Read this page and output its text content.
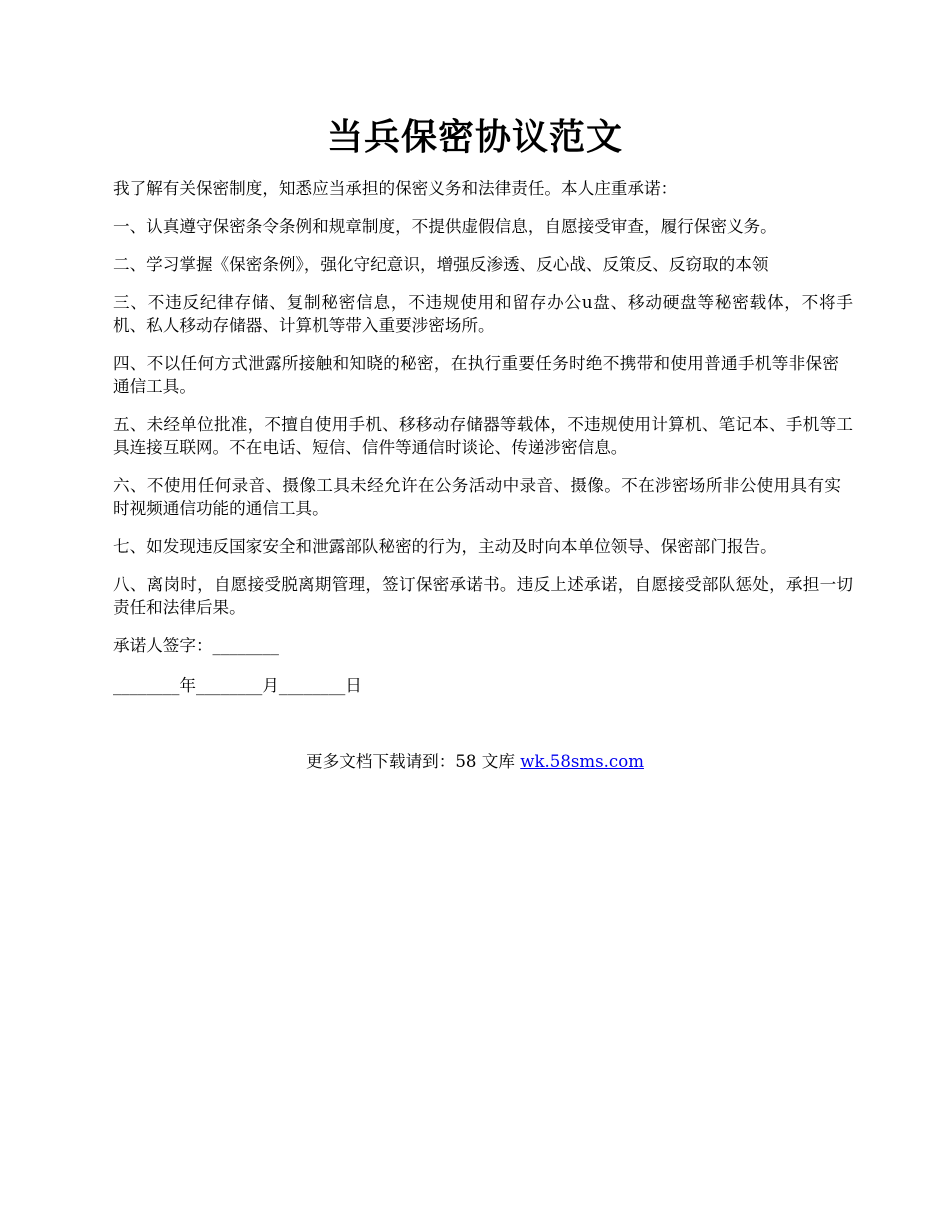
当兵保密协议范文

我了解有关保密制度，知悉应当承担的保密义务和法律责任。本人庄重承诺：

一、认真遵守保密条令条例和规章制度，不提供虚假信息，自愿接受审查，履行保密义务。

二、学习掌握《保密条例》，强化守纪意识，增强反渗透、反心战、反策反、反窃取的本领

三、不违反纪律存储、复制秘密信息，不违规使用和留存办公u盘、移动硬盘等秘密载体，不将手机、私人移动存储器、计算机等带入重要涉密场所。

四、不以任何方式泄露所接触和知晓的秘密，在执行重要任务时绝不携带和使用普通手机等非保密通信工具。

五、未经单位批准，不擅自使用手机、移移动存储器等载体，不违规使用计算机、笔记本、手机等工具连接互联网。不在电话、短信、信件等通信时谈论、传递涉密信息。

六、不使用任何录音、摄像工具未经允许在公务活动中录音、摄像。不在涉密场所非公使用具有实时视频通信功能的通信工具。

七、如发现违反国家安全和泄露部队秘密的行为，主动及时向本单位领导、保密部门报告。

八、离岗时，自愿接受脱离期管理，签订保密承诺书。违反上述承诺，自愿接受部队惩处，承担一切责任和法律后果。

承诺人签字：________

________年________月________日

更多文档下载请到：58 文库 wk.58sms.com
